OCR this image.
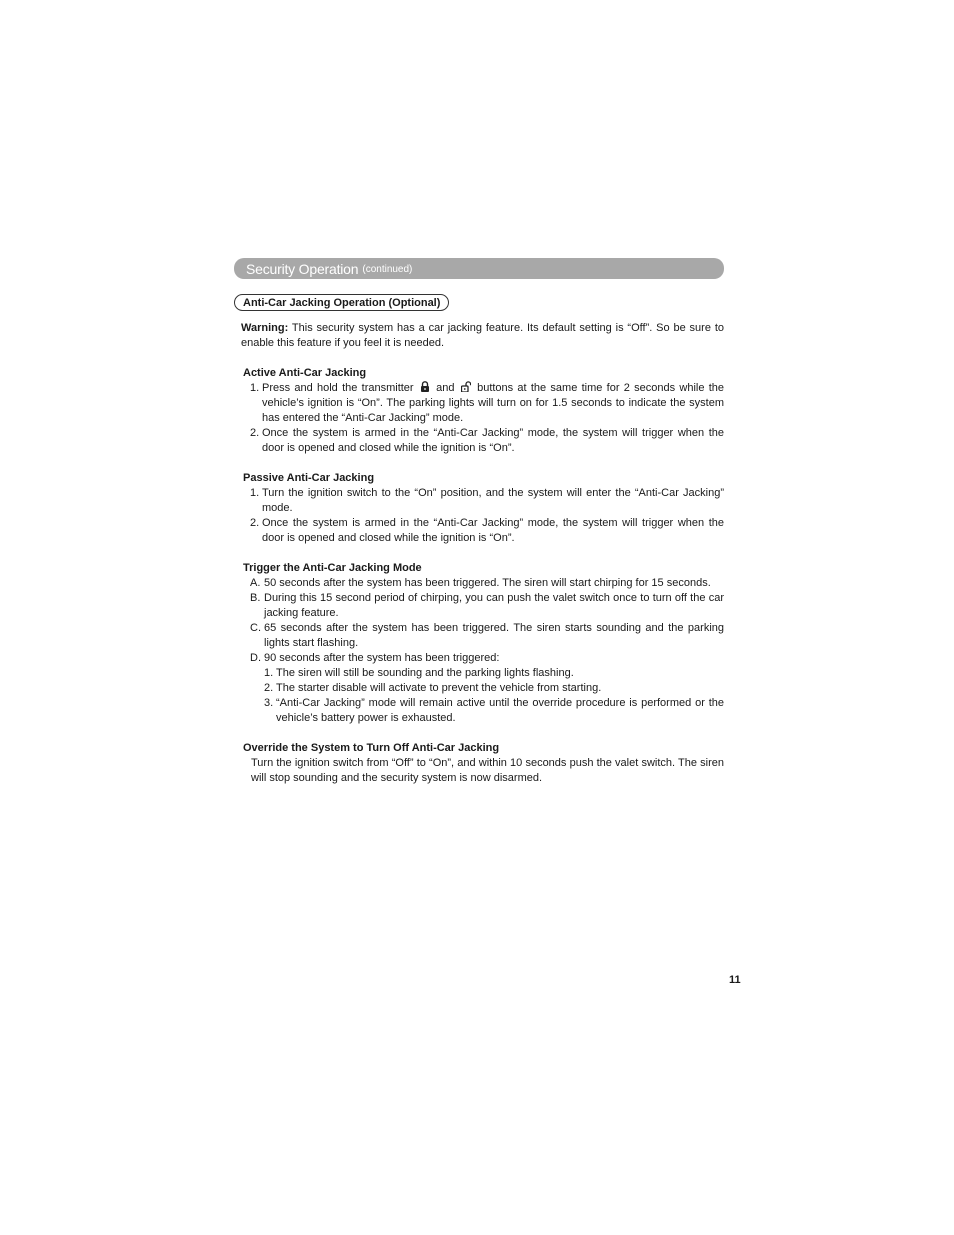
Security Operation (continued)
Anti-Car Jacking Operation (Optional)

Warning: This security system has a car jacking feature. Its default setting is “Off”. So be sure to enable this feature if you feel it is needed.

Active Anti-Car Jacking

1. Press and hold the transmitter and buttons at the same time for 2 seconds while the vehicle’s ignition is “On”. The parking lights will turn on for 1.5 seconds to indicate the system has entered the “Anti-Car Jacking” mode.
2. Once the system is armed in the “Anti-Car Jacking” mode, the system will trigger when the door is opened and closed while the ignition is “On”.

Passive Anti-Car Jacking

1. Turn the ignition switch to the “On” position, and the system will enter the “Anti-Car Jacking” mode.
2. Once the system is armed in the “Anti-Car Jacking” mode, the system will trigger when the door is opened and closed while the ignition is “On”.

Trigger the Anti-Car Jacking Mode

A. 50 seconds after the system has been triggered. The siren will start chirping for 15 seconds.
B. During this 15 second period of chirping, you can push the valet switch once to turn off the car jacking feature.
C. 65 seconds after the system has been triggered. The siren starts sounding and the parking lights start flashing.
D. 90 seconds after the system has been triggered:
1. The siren will still be sounding and the parking lights flashing.
2. The starter disable will activate to prevent the vehicle from starting.
3. “Anti-Car Jacking” mode will remain active until the override procedure is performed or the vehicle’s battery power is exhausted.

Override the System to Turn Off Anti-Car Jacking

Turn the ignition switch from “Off” to “On”, and within 10 seconds push the valet switch. The siren will stop sounding and the security system is now disarmed.

11
